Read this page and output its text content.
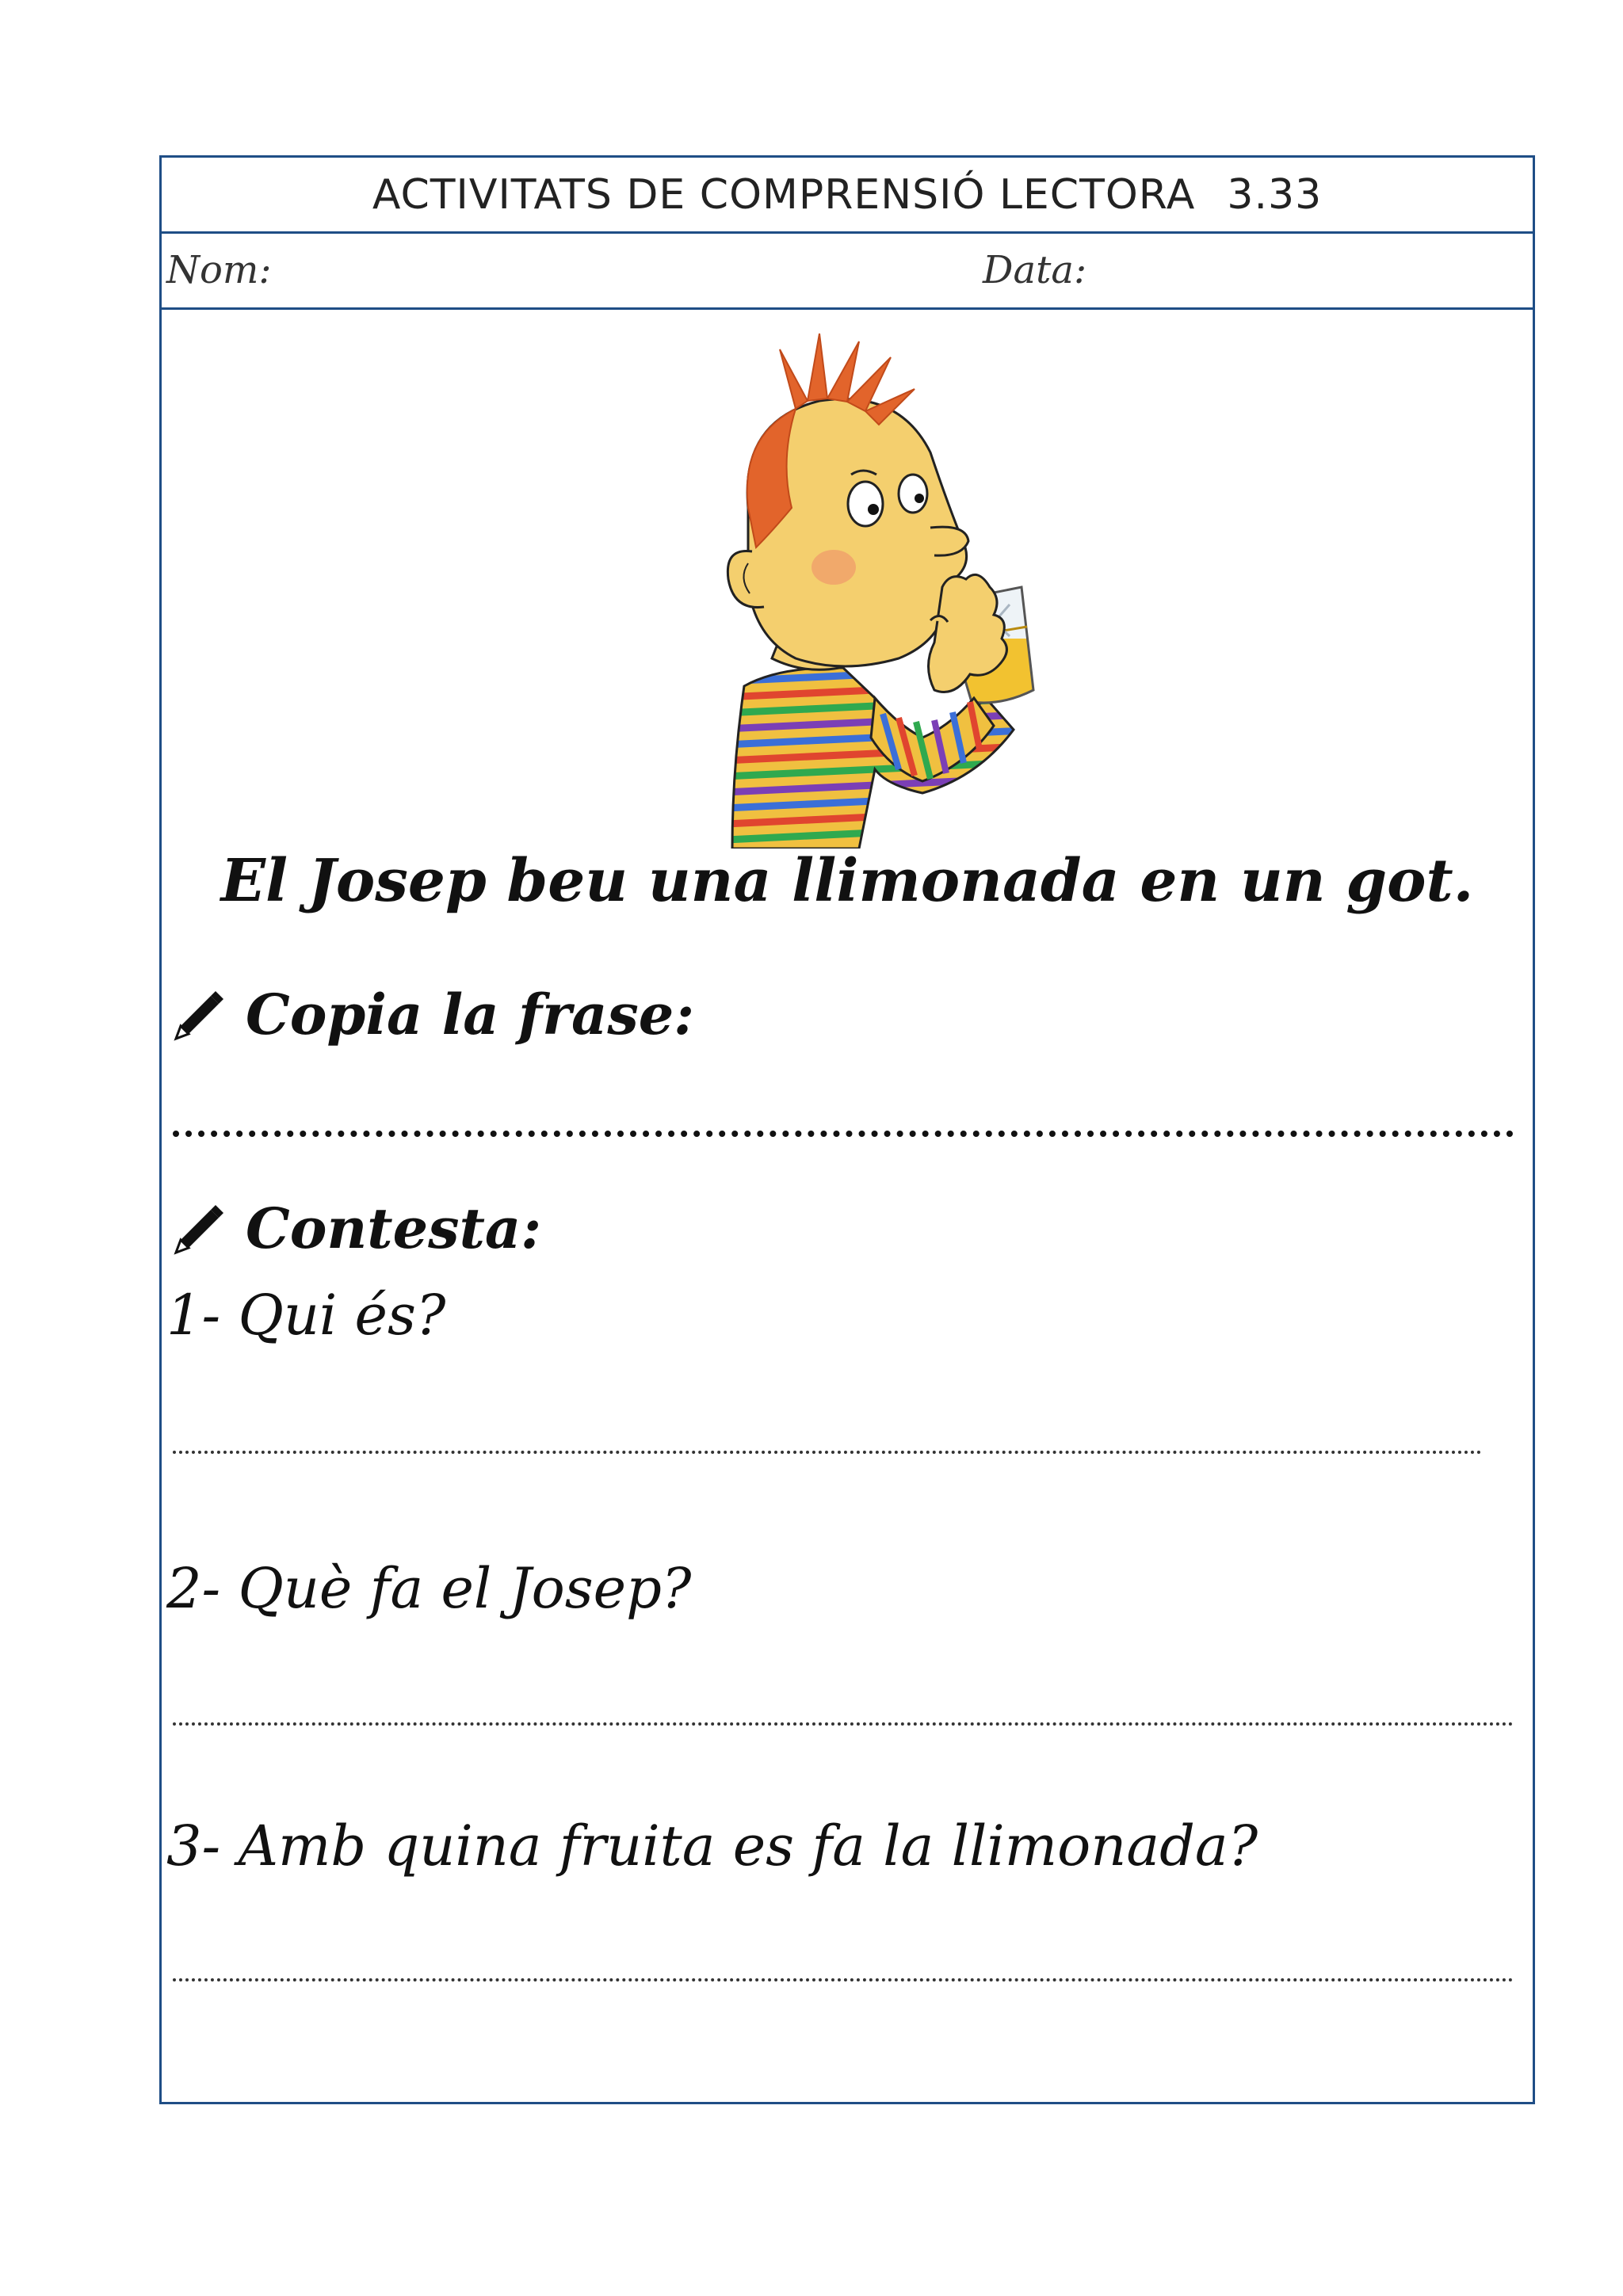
ACTIVITATS DE COMPRENSIÓ LECTORA 3.33
Nom:	Data:
El Josep beu una llimonada en un got.
Copia la frase:
Contesta:
1- Qui és?
2- Què fa el Josep?
3- Amb quina fruita es fa la llimonada?
